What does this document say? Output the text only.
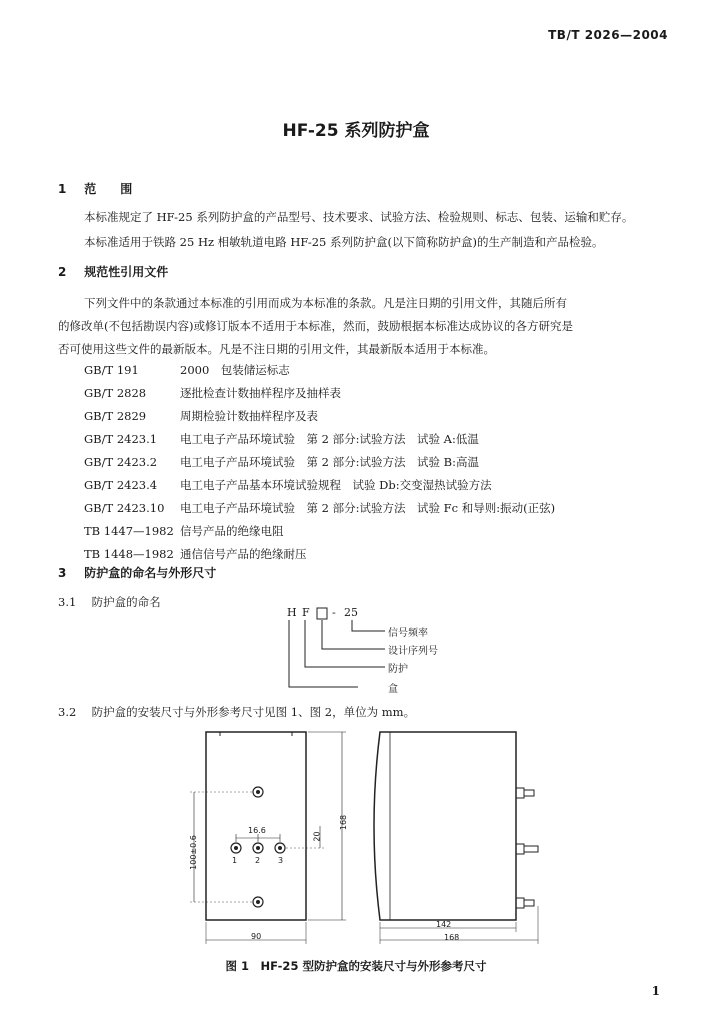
TB/T 2026—2004
HF-25 系列防护盒
1 范　　围
本标准规定了 HF-25 系列防护盒的产品型号、技术要求、试验方法、检验规则、标志、包装、运输和贮存。
本标准适用于铁路 25 Hz 相敏轨道电路 HF-25 系列防护盒(以下简称防护盒)的生产制造和产品检验。
2 规范性引用文件
下列文件中的条款通过本标准的引用而成为本标准的条款。凡是注日期的引用文件，其随后所有
的修改单(不包括勘误内容)或修订版本不适用于本标准，然而，鼓励根据本标准达成协议的各方研究是
否可使用这些文件的最新版本。凡是不注日期的引用文件，其最新版本适用于本标准。
GB/T 191	2000　包装储运标志
GB/T 2828	逐批检查计数抽样程序及抽样表
GB/T 2829	周期检验计数抽样程序及表
GB/T 2423.1 电工电子产品环境试验　第 2 部分:试验方法　试验 A:低温
GB/T 2423.2 电工电子产品环境试验　第 2 部分:试验方法　试验 B:高温
GB/T 2423.4 电工电子产品基本环境试验规程　试验 Db:交变湿热试验方法
GB/T 2423.10 电工电子产品环境试验　第 2 部分:试验方法　试验 Fc 和导则:振动(正弦)
TB 1447—1982 信号产品的绝缘电阻
TB 1448—1982 通信信号产品的绝缘耐压
3 防护盒的命名与外形尺寸
3.1 防护盒的命名
H F - 25
信号频率
设计序列号
防护
盒
3.2 防护盒的安装尺寸与外形参考尺寸见图 1、图 2，单位为 mm。
90
168
100±0.6
16.6
20
1 2 3
142
168
图 1　HF-25 型防护盒的安装尺寸与外形参考尺寸
1
